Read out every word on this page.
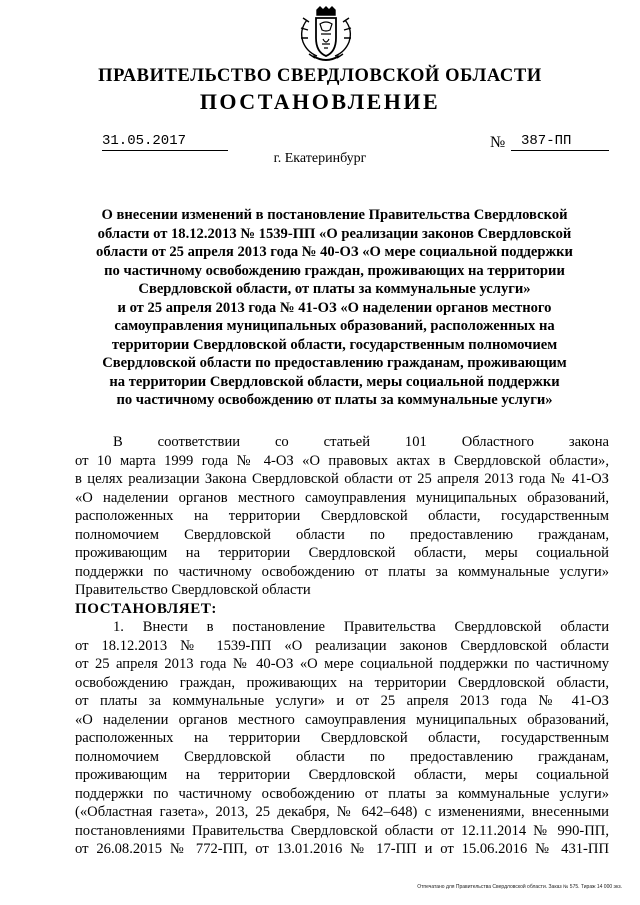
ПРАВИТЕЛЬСТВО СВЕРДЛОВСКОЙ ОБЛАСТИ
ПОСТАНОВЛЕНИЕ
31.05.2017	№	387-ПП
г. Екатеринбург
О внесении изменений в постановление Правительства Свердловской
области от 18.12.2013 № 1539-ПП «О реализации законов Свердловской
области от 25 апреля 2013 года № 40-ОЗ «О мере социальной поддержки
по частичному освобождению граждан, проживающих на территории
Свердловской области, от платы за коммунальные услуги»
и от 25 апреля 2013 года № 41-ОЗ «О наделении органов местного
самоуправления муниципальных образований, расположенных на
территории Свердловской области, государственным полномочием
Свердловской области по предоставлению гражданам, проживающим
на территории Свердловской области, меры социальной поддержки
по частичному освобождению от платы за коммунальные услуги»
В соответствии со статьей 101 Областного закона
от 10 марта 1999 года № 4-ОЗ «О правовых актах в Свердловской области»,
в целях реализации Закона Свердловской области от 25 апреля 2013 года № 41-ОЗ
«О наделении органов местного самоуправления муниципальных образований,
расположенных на территории Свердловской области, государственным
полномочием Свердловской области по предоставлению гражданам,
проживающим на территории Свердловской области, меры социальной
поддержки по частичному освобождению от платы за коммунальные услуги»
Правительство Свердловской области
ПОСТАНОВЛЯЕТ:
1. Внести в постановление Правительства Свердловской области
от 18.12.2013 № 1539-ПП «О реализации законов Свердловской области
от 25 апреля 2013 года № 40-ОЗ «О мере социальной поддержки по частичному
освобождению граждан, проживающих на территории Свердловской области,
от платы за коммунальные услуги» и от 25 апреля 2013 года № 41-ОЗ
«О наделении органов местного самоуправления муниципальных образований,
расположенных на территории Свердловской области, государственным
полномочием Свердловской области по предоставлению гражданам,
проживающим на территории Свердловской области, меры социальной
поддержки по частичному освобождению от платы за коммунальные услуги»
(«Областная газета», 2013, 25 декабря, № 642–648) с изменениями, внесенными
постановлениями Правительства Свердловской области от 12.11.2014 № 990-ПП,
от 26.08.2015 № 772-ПП, от 13.01.2016 № 17-ПП и от 15.06.2016 № 431-ПП
Отпечатано для Правительства Свердловской области. Заказ № 575. Тираж 14 000 экз.
